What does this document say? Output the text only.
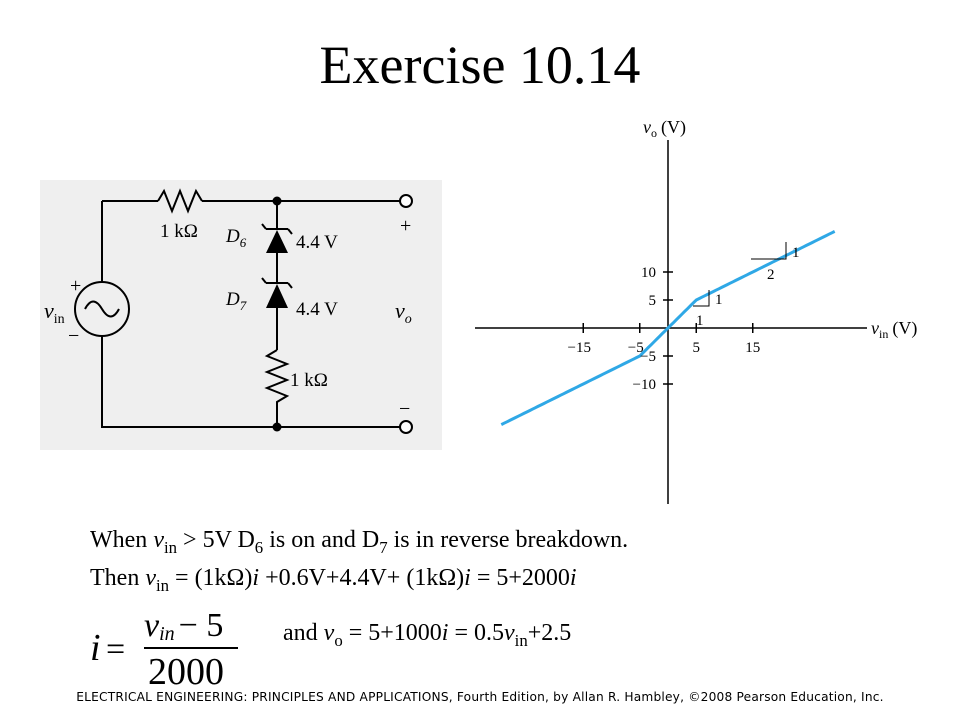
Exercise 10.14
1 kΩ $D_6$	4.4 V
$D_7$	4.4 V
1 kΩ
+
−
$v_{in}$
+
$v_o$
−
1
1
2
1
$v_o$ (V)
$v_{in}$ (V)
−15 −5	5	15
10
5
−5
−10
When $v_{in} > 5V$ $D_6$ is on and $D_7$ is in reverse breakdown.
Then $v_{in} = (1k\Omega)i +0.6V+4.4V+ (1k\Omega)i = 5+2000i$
i =
vin − 5
2000
and $v_o = 5+1000i = 0.5v_{in}+2.5$
ELECTRICAL ENGINEERING: PRINCIPLES AND APPLICATIONS, Fourth Edition, by Allan R. Hambley, ©2008 Pearson Education, Inc.
